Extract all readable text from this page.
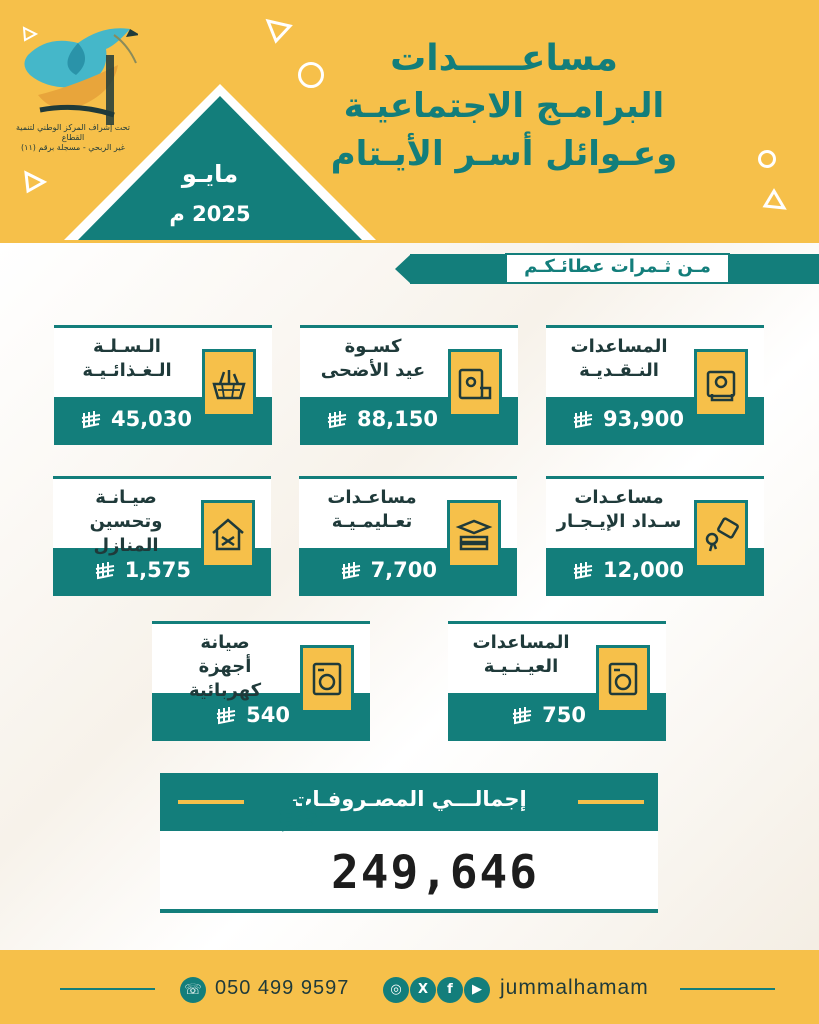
تحت إشراف المركز الوطني لتنمية القطاع
غير الربحي - مسجلة برقم (١١)
مساعـــــدات
البرامـج الاجتماعيـة
وعـوائل أسـر الأيـتام
مايـو
2025 م
مـن ثـمرات عطائـكـم
المساعدات
النـقـديـة
93,900
كسـوة
عيد الأضحى
88,150
الـسـلـة
الـغـذائـيـة
45,030
مساعـدات
سـداد الإيـجـار
12,000
مساعـدات
تعـليمـيـة
7,700
صيـانـة
وتحسين المنازل
1,575
المساعدات
العيـنـيـة
750
صيانة
أجهزة كهربائية
540
إجمالـــي المصـروفـات
249,646
☏ 050 499 9597	◎	X	f	▶ jummalhamam
